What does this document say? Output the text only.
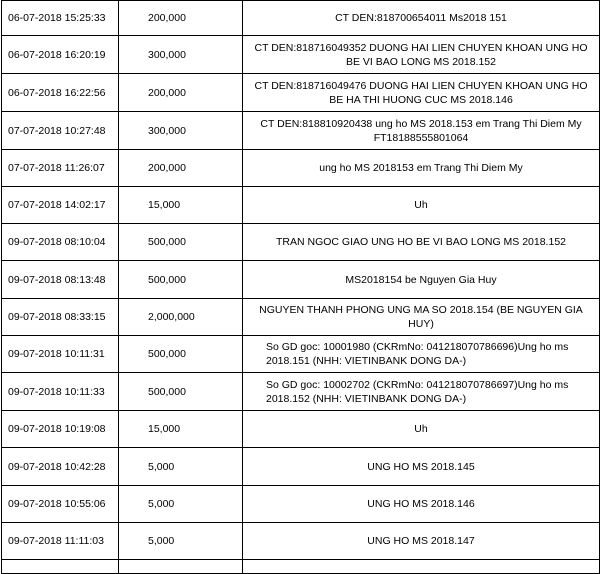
06-07-2018 15:25:33	200,000	CT DEN:818700654011 Ms2018 151
06-07-2018 16:20:19	300,000	CT DEN:818716049352 DUONG HAI LIEN CHUYEN KHOAN UNG HO BE VI BAO LONG MS 2018.152
06-07-2018 16:22:56	200,000	CT DEN:818716049476 DUONG HAI LIEN CHUYEN KHOAN UNG HO BE HA THI HUONG CUC MS 2018.146
07-07-2018 10:27:48	300,000	CT DEN:818810920438 ung ho MS 2018.153 em Trang Thi Diem My FT18188555801064
07-07-2018 11:26:07	200,000	ung ho MS 2018153 em Trang Thi Diem My
07-07-2018 14:02:17	15,000	Uh
09-07-2018 08:10:04	500,000	TRAN NGOC GIAO UNG HO BE VI BAO LONG MS 2018.152
09-07-2018 08:13:48	500,000	MS2018154 be Nguyen Gia Huy
09-07-2018 08:33:15	2,000,000	NGUYEN THANH PHONG UNG MA SO 2018.154 (BE NGUYEN GIA HUY)
09-07-2018 10:11:31	500,000	So GD goc: 10001980 (CKRmNo: 041218070786696)Ung ho ms 2018.151 (NHH: VIETINBANK DONG DA-)
09-07-2018 10:11:33	500,000	So GD goc: 10002702 (CKRmNo: 041218070786697)Ung ho ms 2018.152 (NHH: VIETINBANK DONG DA-)
09-07-2018 10:19:08	15,000	Uh
09-07-2018 10:42:28	5,000	UNG HO MS 2018.145
09-07-2018 10:55:06	5,000	UNG HO MS 2018.146
09-07-2018 11:11:03	5,000	UNG HO MS 2018.147
